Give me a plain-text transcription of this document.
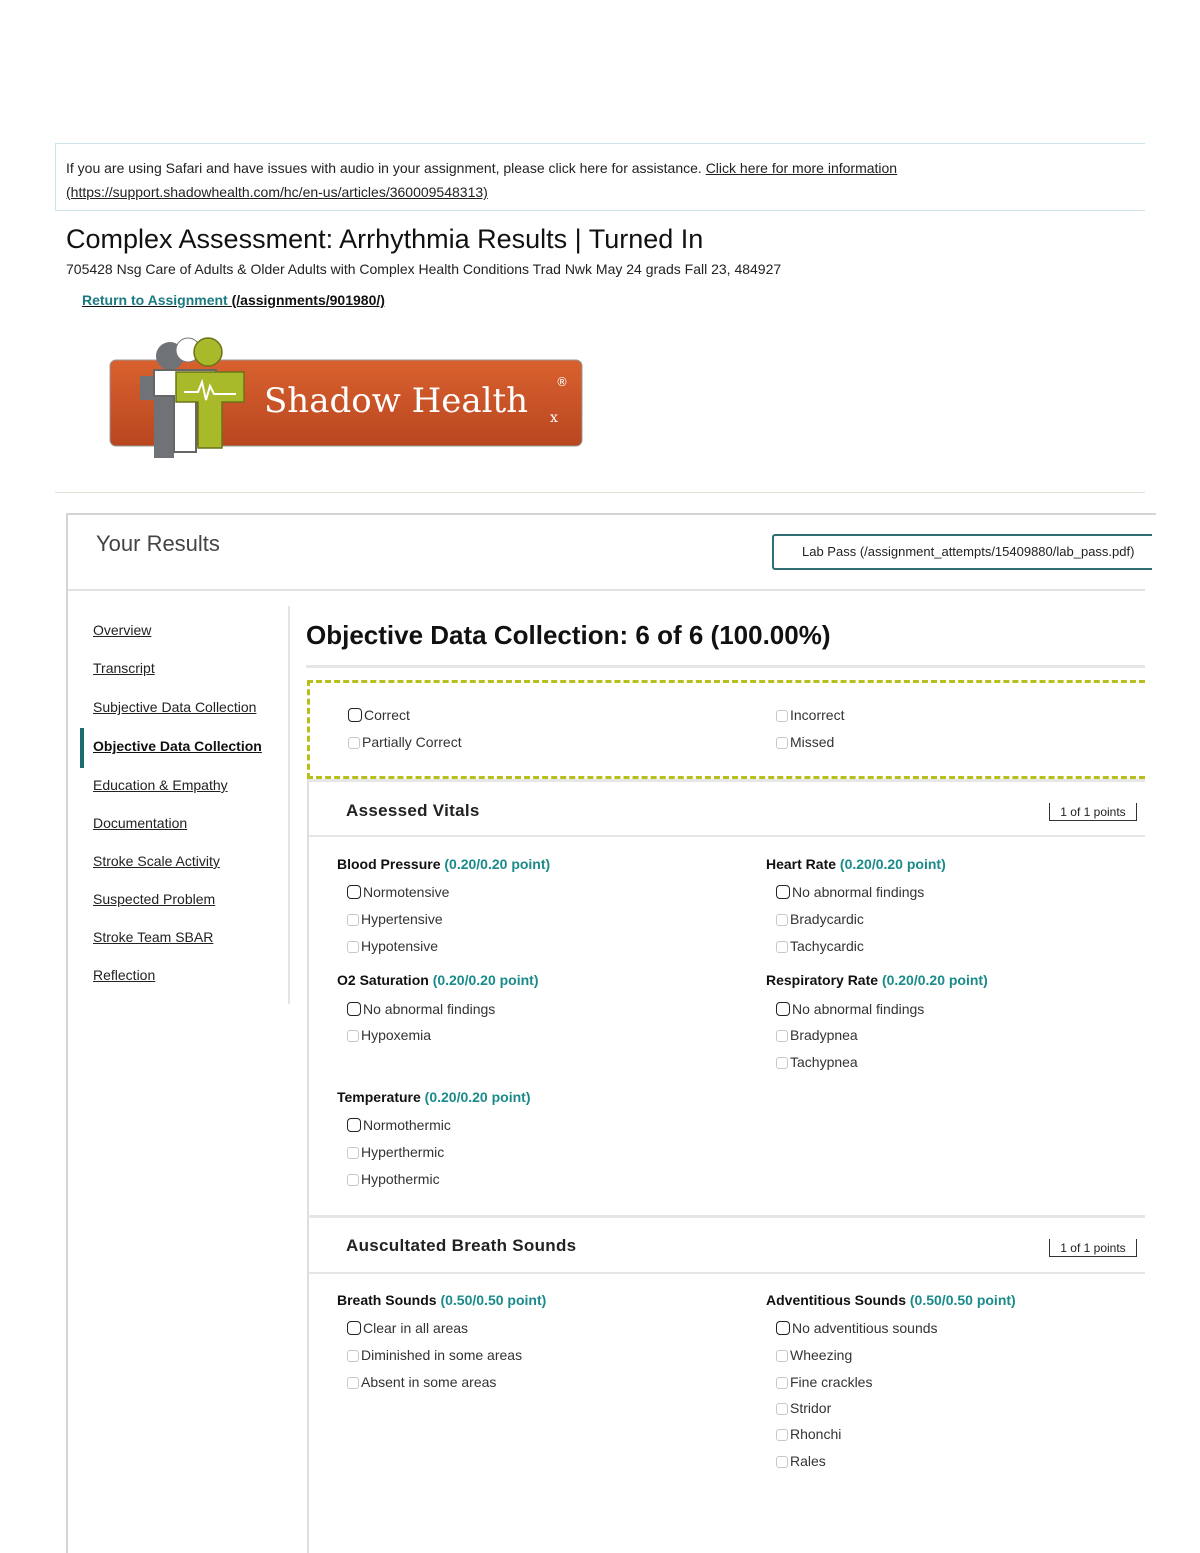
If you are using Safari and have issues with audio in your assignment, please click here for assistance. Click here for more information
(https://support.shadowhealth.com/hc/en-us/articles/360009548313)
Complex Assessment: Arrhythmia Results | Turned In
705428 Nsg Care of Adults & Older Adults with Complex Health Conditions Trad Nwk May 24 grads Fall 23, 484927
Return to Assignment (/assignments/901980/)
Shadow Health ®
x
Your Results	Lab Pass (/assignment_attempts/15409880/lab_pass.pdf)
Overview
Transcript
Subjective Data Collection
Objective Data Collection
Education & Empathy
Documentation
Stroke Scale Activity
Suspected Problem
Stroke Team SBAR
Reflection
Objective Data Collection: 6 of 6 (100.00%)
Correct
Partially Correct
Incorrect
Missed
Assessed Vitals	1 of 1 points
Blood Pressure (0.20/0.20 point)
Normotensive
Hypertensive
Hypotensive
Heart Rate (0.20/0.20 point)
No abnormal findings
Bradycardic
Tachycardic
O2 Saturation (0.20/0.20 point)
No abnormal findings
Hypoxemia
Respiratory Rate (0.20/0.20 point)
No abnormal findings
Bradypnea
Tachypnea
Temperature (0.20/0.20 point)
Normothermic
Hyperthermic
Hypothermic
Auscultated Breath Sounds	1 of 1 points
Breath Sounds (0.50/0.50 point)
Clear in all areas
Diminished in some areas
Absent in some areas
Adventitious Sounds (0.50/0.50 point)
No adventitious sounds
Wheezing
Fine crackles
Stridor
Rhonchi
Rales
